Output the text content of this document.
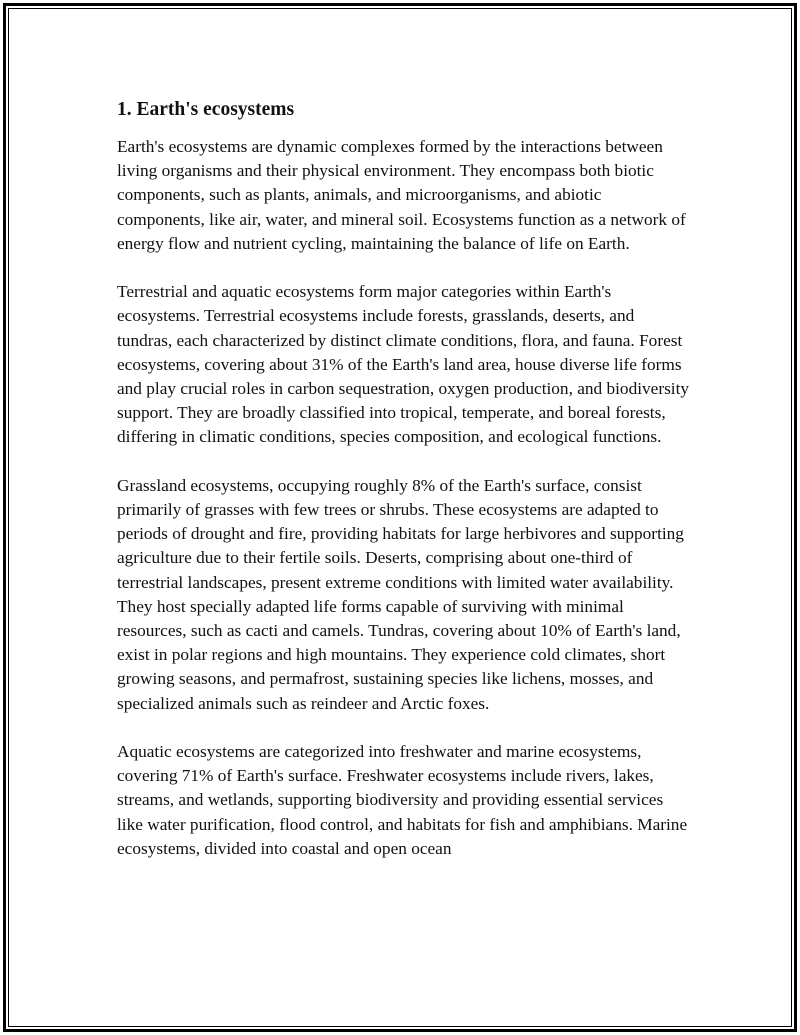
1. Earth's ecosystems

Earth's ecosystems are dynamic complexes formed by the interactions between living organisms and their physical environment. They encompass both biotic components, such as plants, animals, and microorganisms, and abiotic components, like air, water, and mineral soil. Ecosystems function as a network of energy flow and nutrient cycling, maintaining the balance of life on Earth.

Terrestrial and aquatic ecosystems form major categories within Earth's ecosystems. Terrestrial ecosystems include forests, grasslands, deserts, and tundras, each characterized by distinct climate conditions, flora, and fauna. Forest ecosystems, covering about 31% of the Earth's land area, house diverse life forms and play crucial roles in carbon sequestration, oxygen production, and biodiversity support. They are broadly classified into tropical, temperate, and boreal forests, differing in climatic conditions, species composition, and ecological functions.

Grassland ecosystems, occupying roughly 8% of the Earth's surface, consist primarily of grasses with few trees or shrubs. These ecosystems are adapted to periods of drought and fire, providing habitats for large herbivores and supporting agriculture due to their fertile soils. Deserts, comprising about one-third of terrestrial landscapes, present extreme conditions with limited water availability. They host specially adapted life forms capable of surviving with minimal resources, such as cacti and camels. Tundras, covering about 10% of Earth's land, exist in polar regions and high mountains. They experience cold climates, short growing seasons, and permafrost, sustaining species like lichens, mosses, and specialized animals such as reindeer and Arctic foxes.

Aquatic ecosystems are categorized into freshwater and marine ecosystems, covering 71% of Earth's surface. Freshwater ecosystems include rivers, lakes, streams, and wetlands, supporting biodiversity and providing essential services like water purification, flood control, and habitats for fish and amphibians. Marine ecosystems, divided into coastal and open ocean
